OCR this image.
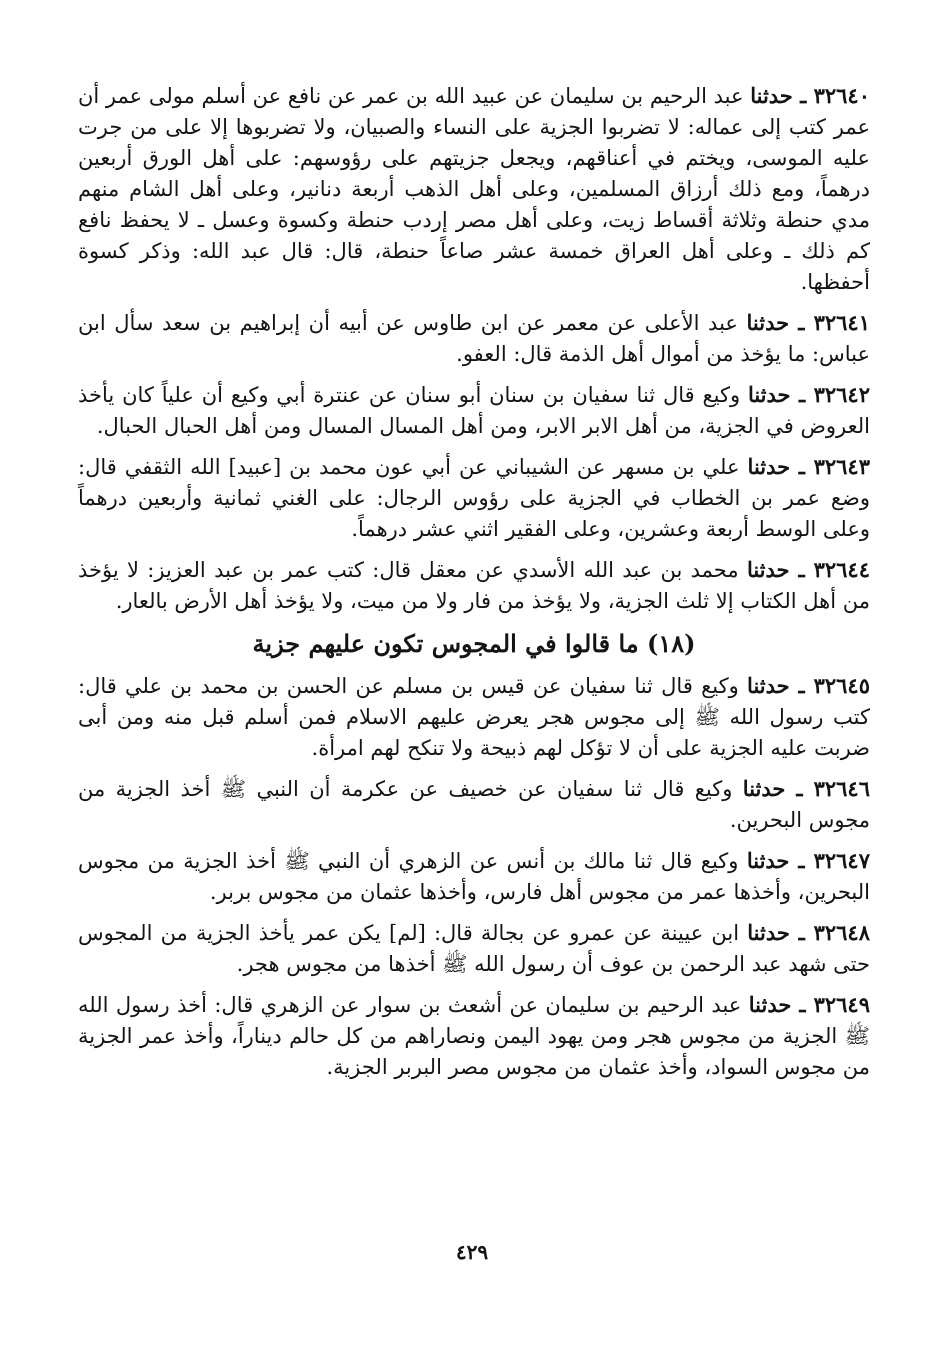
٣٢٦٤٠ ـ حدثنا عبد الرحيم بن سليمان عن عبيد الله بن عمر عن نافع عن أسلم مولى عمر أن عمر كتب إلى عماله: لا تضربوا الجزية على النساء والصبيان، ولا تضربوها إلا على من جرت عليه الموسى، ويختم في أعناقهم، ويجعل جزيتهم على رؤوسهم: على أهل الورق أربعين درهماً، ومع ذلك أرزاق المسلمين، وعلى أهل الذهب أربعة دنانير، وعلى أهل الشام منهم مدي حنطة وثلاثة أقساط زيت، وعلى أهل مصر إردب حنطة وكسوة وعسل ـ لا يحفظ نافع كم ذلك ـ وعلى أهل العراق خمسة عشر صاعاً حنطة، قال: قال عبد الله: وذكر كسوة أحفظها.

٣٢٦٤١ ـ حدثنا عبد الأعلى عن معمر عن ابن طاوس عن أبيه أن إبراهيم بن سعد سأل ابن عباس: ما يؤخذ من أموال أهل الذمة قال: العفو.

٣٢٦٤٢ ـ حدثنا وكيع قال ثنا سفيان بن سنان أبو سنان عن عنترة أبي وكيع أن علياً كان يأخذ العروض في الجزية، من أهل الابر الابر، ومن أهل المسال المسال ومن أهل الحبال الحبال.

٣٢٦٤٣ ـ حدثنا علي بن مسهر عن الشيباني عن أبي عون محمد بن [عبيد] الله الثقفي قال: وضع عمر بن الخطاب في الجزية على رؤوس الرجال: على الغني ثمانية وأربعين درهماً وعلى الوسط أربعة وعشرين، وعلى الفقير اثني عشر درهماً.

٣٢٦٤٤ ـ حدثنا محمد بن عبد الله الأسدي عن معقل قال: كتب عمر بن عبد العزيز: لا يؤخذ من أهل الكتاب إلا ثلث الجزية، ولا يؤخذ من فار ولا من ميت، ولا يؤخذ أهل الأرض بالعار.

(١٨) ما قالوا في المجوس تكون عليهم جزية

٣٢٦٤٥ ـ حدثنا وكيع قال ثنا سفيان عن قيس بن مسلم عن الحسن بن محمد بن علي قال: كتب رسول الله ﷺ إلى مجوس هجر يعرض عليهم الاسلام فمن أسلم قبل منه ومن أبى ضربت عليه الجزية على أن لا تؤكل لهم ذبيحة ولا تنكح لهم امرأة.

٣٢٦٤٦ ـ حدثنا وكيع قال ثنا سفيان عن خصيف عن عكرمة أن النبي ﷺ أخذ الجزية من مجوس البحرين.

٣٢٦٤٧ ـ حدثنا وكيع قال ثنا مالك بن أنس عن الزهري أن النبي ﷺ أخذ الجزية من مجوس البحرين، وأخذها عمر من مجوس أهل فارس، وأخذها عثمان من مجوس بربر.

٣٢٦٤٨ ـ حدثنا ابن عيينة عن عمرو عن بجالة قال: [لم] يكن عمر يأخذ الجزية من المجوس حتى شهد عبد الرحمن بن عوف أن رسول الله ﷺ أخذها من مجوس هجر.

٣٢٦٤٩ ـ حدثنا عبد الرحيم بن سليمان عن أشعث بن سوار عن الزهري قال: أخذ رسول الله ﷺ الجزية من مجوس هجر ومن يهود اليمن ونصاراهم من كل حالم ديناراً، وأخذ عمر الجزية من مجوس السواد، وأخذ عثمان من مجوس مصر البربر الجزية.

٤٢٩
